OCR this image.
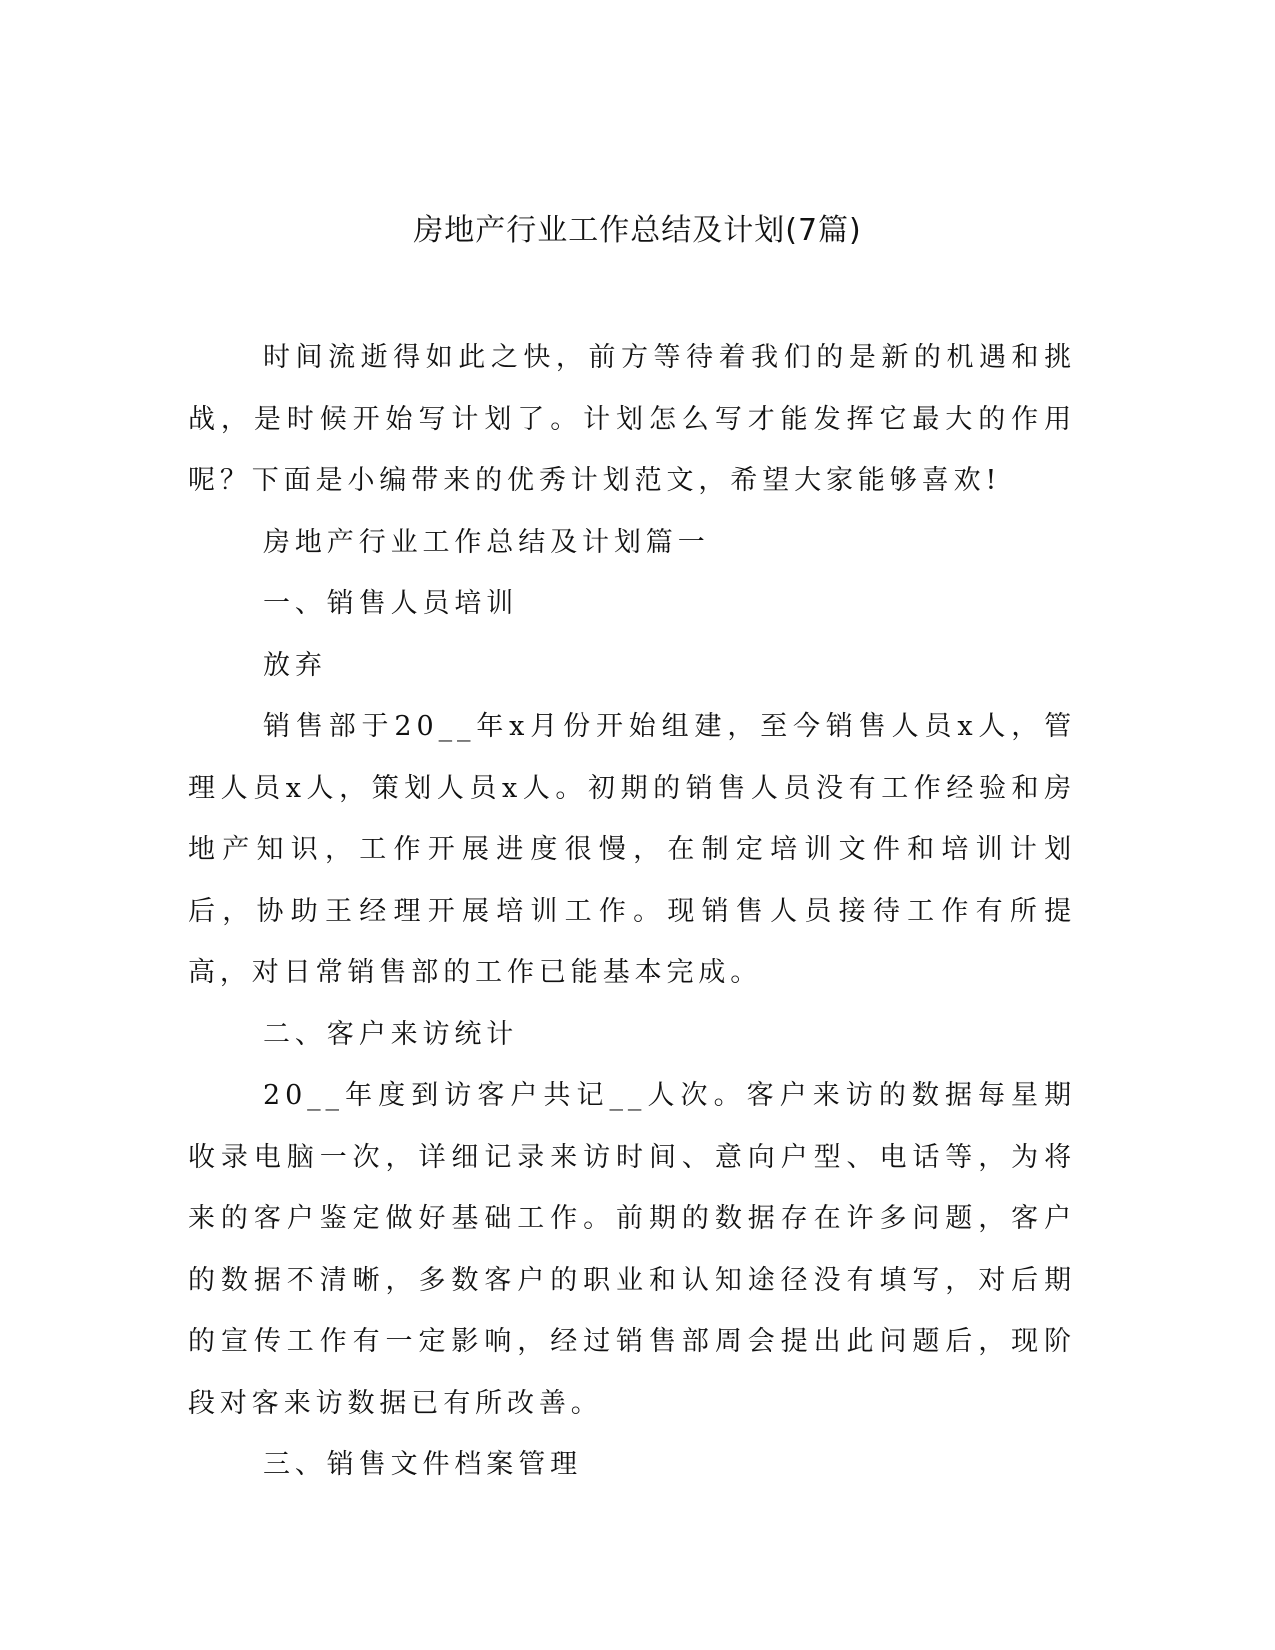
房地产行业工作总结及计划(7篇)

时间流逝得如此之快，前方等待着我们的是新的机遇和挑战，是时候开始写计划了。计划怎么写才能发挥它最大的作用呢？下面是小编带来的优秀计划范文，希望大家能够喜欢!

房地产行业工作总结及计划篇一

一、销售人员培训

放弃

销售部于20__年x月份开始组建，至今销售人员x人，管理人员x人，策划人员x人。初期的销售人员没有工作经验和房地产知识，工作开展进度很慢，在制定培训文件和培训计划后，协助王经理开展培训工作。现销售人员接待工作有所提高，对日常销售部的工作已能基本完成。

二、客户来访统计

20__年度到访客户共记__人次。客户来访的数据每星期收录电脑一次，详细记录来访时间、意向户型、电话等，为将来的客户鉴定做好基础工作。前期的数据存在许多问题，客户的数据不清晰，多数客户的职业和认知途径没有填写，对后期的宣传工作有一定影响，经过销售部周会提出此问题后，现阶段对客来访数据已有所改善。

三、销售文件档案管理
